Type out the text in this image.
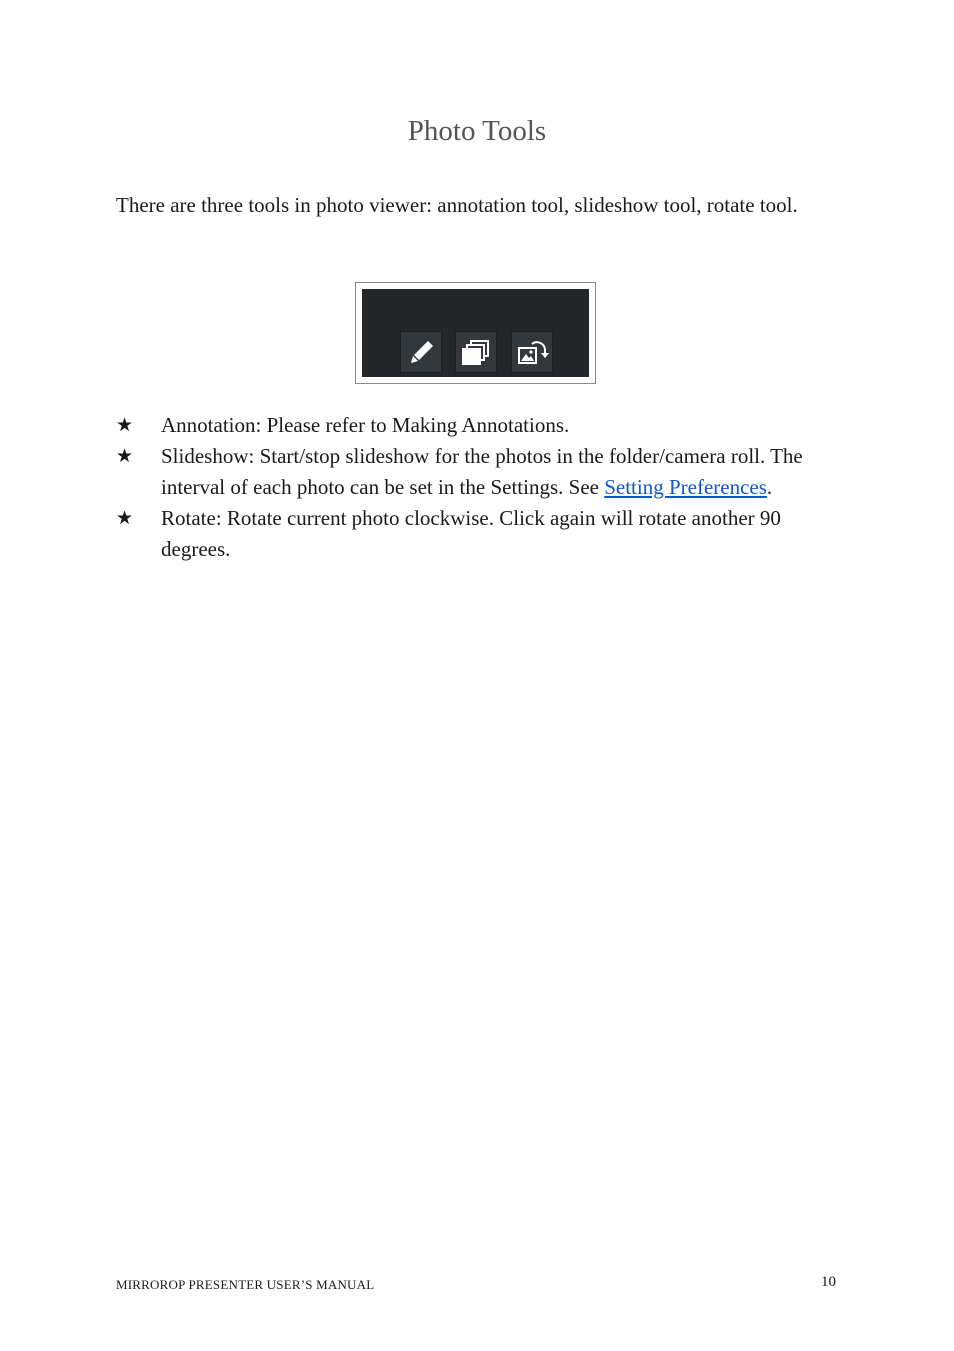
Photo Tools

There are three tools in photo viewer: annotation tool, slideshow tool, rotate tool.

★ Annotation: Please refer to Making Annotations.
★ Slideshow: Start/stop slideshow for the photos in the folder/camera roll. The interval of each photo can be set in the Settings. See Setting Preferences.
★ Rotate: Rotate current photo clockwise. Click again will rotate another 90 degrees.
MIRROROP PRESENTER USER’S MANUAL	10
